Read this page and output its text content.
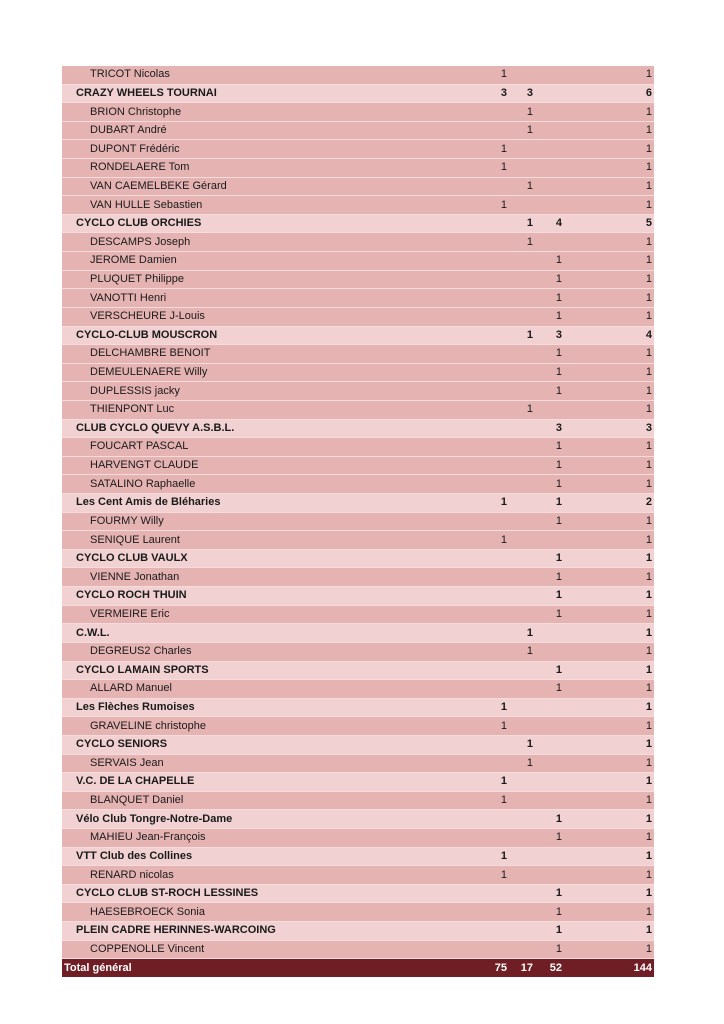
TRICOT Nicolas	1			1
CRAZY WHEELS TOURNAI	3	3		6
BRION Christophe		1		1
DUBART André		1		1
DUPONT Frédéric	1			1
RONDELAERE Tom	1			1
VAN CAEMELBEKE Gérard		1		1
VAN HULLE Sebastien	1			1
CYCLO CLUB ORCHIES		1	4	5
DESCAMPS Joseph		1		1
JEROME Damien			1	1
PLUQUET Philippe			1	1
VANOTTI Henri			1	1
VERSCHEURE J-Louis			1	1
CYCLO-CLUB MOUSCRON		1	3	4
DELCHAMBRE BENOIT			1	1
DEMEULENAERE Willy			1	1
DUPLESSIS jacky			1	1
THIENPONT Luc		1		1
CLUB CYCLO QUEVY A.S.B.L.			3	3
FOUCART PASCAL			1	1
HARVENGT CLAUDE			1	1
SATALINO Raphaelle			1	1
Les Cent Amis de Bléharies	1		1	2
FOURMY Willy			1	1
SENIQUE Laurent	1			1
CYCLO CLUB VAULX			1	1
VIENNE Jonathan			1	1
CYCLO ROCH THUIN			1	1
VERMEIRE Eric			1	1
C.W.L.		1		1
DEGREUS2 Charles		1		1
CYCLO LAMAIN SPORTS			1	1
ALLARD Manuel			1	1
Les Flèches Rumoises	1			1
GRAVELINE christophe	1			1
CYCLO SENIORS		1		1
SERVAIS Jean		1		1
V.C. DE LA CHAPELLE	1			1
BLANQUET Daniel	1			1
Vélo Club Tongre-Notre-Dame			1	1
MAHIEU Jean-François			1	1
VTT Club des Collines	1			1
RENARD nicolas	1			1
CYCLO CLUB ST-ROCH LESSINES			1	1
HAESEBROECK Sonia			1	1
PLEIN CADRE HERINNES-WARCOING			1	1
COPPENOLLE Vincent			1	1
Total général	75	17	52	144
